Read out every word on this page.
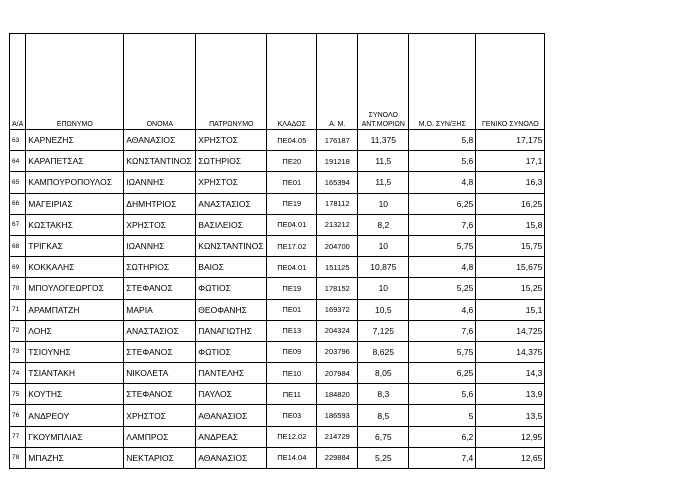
Α/Α	ΕΠΩΝΥΜΟ	ΟΝΟΜΑ	ΠΑΤΡΩΝΥΜΟ	ΚΛΑΔΟΣ	Α. Μ.	ΣΥΝΟΛΟ
ΑΝΤ.ΜΟΡΙΩΝ	Μ.Ο. ΣΥΝ/ΞΗΣ	ΓΕΝΙΚΟ ΣΥΝΟΛΟ
63	ΚΑΡΝΕΖΗΣ	ΑΘΑΝΑΣΙΟΣ	ΧΡΗΣΤΟΣ	ΠΕ04.05	176187	11,375	5,8	17,175
64	ΚΑΡΑΠΕΤΣΑΣ	ΚΩΝΣΤΑΝΤΙΝΟΣ	ΣΩΤΗΡΙΟΣ	ΠΕ20	191218	11,5	5,6	17,1
65	ΚΑΜΠΟΥΡΟΠΟΥΛΟΣ	ΙΩΑΝΝΗΣ	ΧΡΗΣΤΟΣ	ΠΕ01	165394	11,5	4,8	16,3
66	ΜΑΓΕΙΡΙΑΣ	ΔΗΜΗΤΡΙΟΣ	ΑΝΑΣΤΑΣΙΟΣ	ΠΕ19	178112	10	6,25	16,25
67	ΚΩΣΤΑΚΗΣ	ΧΡΗΣΤΟΣ	ΒΑΣΙΛΕΙΟΣ	ΠΕ04.01	213212	8,2	7,6	15,8
68	ΤΡΙΓΚΑΣ	ΙΩΑΝΝΗΣ	ΚΩΝΣΤΑΝΤΙΝΟΣ	ΠΕ17.02	204700	10	5,75	15,75
69	ΚΟΚΚΑΛΗΣ	ΣΩΤΗΡΙΟΣ	ΒΑΙΟΣ	ΠΕ04.01	151125	10,875	4,8	15,675
70	ΜΠΟΥΛΟΓΕΩΡΓΟΣ	ΣΤΕΦΑΝΟΣ	ΦΩΤΙΟΣ	ΠΕ19	178152	10	5,25	15,25
71	ΑΡΑΜΠΑΤΖΗ	ΜΑΡΙΑ	ΘΕΟΦΑΝΗΣ	ΠΕ01	169372	10,5	4,6	15,1
72	ΛΟΗΣ	ΑΝΑΣΤΑΣΙΟΣ	ΠΑΝΑΓΙΩΤΗΣ	ΠΕ13	204324	7,125	7,6	14,725
73	ΤΣΙΟΥΝΗΣ	ΣΤΕΦΑΝΟΣ	ΦΩΤΙΟΣ	ΠΕ09	203796	8,625	5,75	14,375
74	ΤΣΙΑΝΤΑΚΗ	ΝΙΚΟΛΕΤΑ	ΠΑΝΤΕΛΗΣ	ΠΕ10	207984	8,05	6,25	14,3
75	ΚΟΥΤΗΣ	ΣΤΕΦΑΝΟΣ	ΠΑΥΛΟΣ	ΠΕ11	184820	8,3	5,6	13,9
76	ΑΝΔΡΕΟΥ	ΧΡΗΣΤΟΣ	ΑΘΑΝΑΣΙΟΣ	ΠΕ03	186593	8,5	5	13,5
77	ΓΚΟΥΜΠΛΙΑΣ	ΛΑΜΠΡΟΣ	ΑΝΔΡΕΑΣ	ΠΕ12.02	214729	6,75	6,2	12,95
78	ΜΠΑΖΗΣ	ΝΕΚΤΑΡΙΟΣ	ΑΘΑΝΑΣΙΟΣ	ΠΕ14.04	229884	5,25	7,4	12,65
